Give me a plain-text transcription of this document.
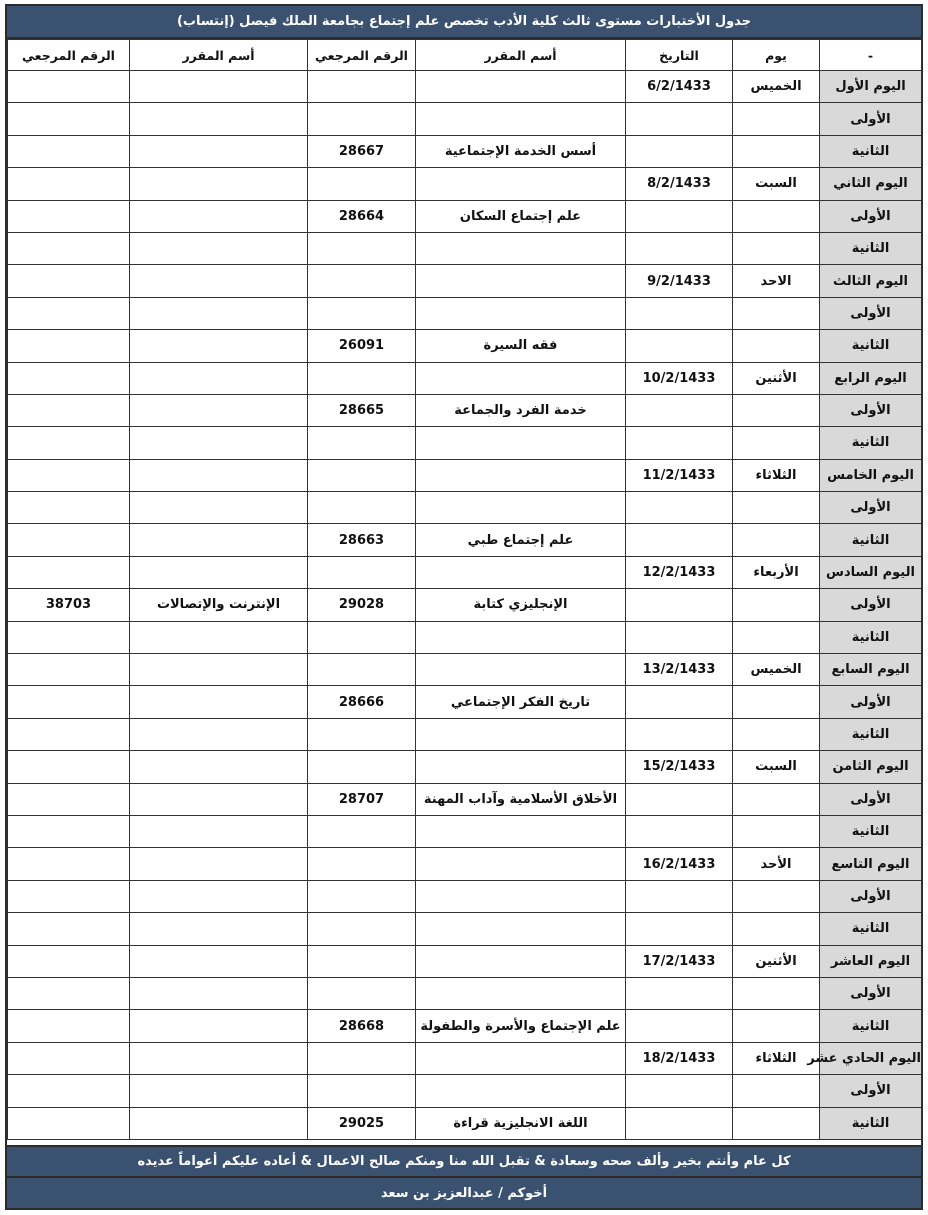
جدول الأختبارات مستوى ثالث كلية الأدب تخصص علم إجتماع بجامعة الملك فيصل (إنتساب)
-	يوم	التاريخ	أسم المقرر	الرقم المرجعي	أسم المقرر	الرقم المرجعي
اليوم الأول	الخميس	6/2/1433				
الأولى						
الثانية			أسس الخدمة الإجتماعية	28667		
اليوم الثاني	السبت	8/2/1433				
الأولى			علم إجتماع السكان	28664		
الثانية						
اليوم الثالث	الاحد	9/2/1433				
الأولى						
الثانية			فقه السيرة	26091		
اليوم الرابع	الأثنين	10/2/1433				
الأولى			خدمة الفرد والجماعة	28665		
الثانية						
اليوم الخامس	الثلاثاء	11/2/1433				
الأولى						
الثانية			علم إجتماع طبي	28663		
اليوم السادس	الأربعاء	12/2/1433				
الأولى			الإنجليزي كتابة	29028	الإنترنت والإتصالات	38703
الثانية						
اليوم السابع	الخميس	13/2/1433				
الأولى			تاريخ الفكر الإجتماعي	28666		
الثانية						
اليوم الثامن	السبت	15/2/1433				
الأولى			الأخلاق الأسلامية وآداب المهنة	28707		
الثانية						
اليوم التاسع	الأحد	16/2/1433				
الأولى						
الثانية						
اليوم العاشر	الأثنين	17/2/1433				
الأولى						
الثانية			علم الإجتماع والأسرة والطفولة	28668		
اليوم الحادي عشر	الثلاثاء	18/2/1433				
الأولى						
الثانية			اللغة الانجليزية قراءة	29025		
كل عام وأنتم بخير وألف صحه وسعادة & تقبل الله منا ومنكم صالح الاعمال & أعاده عليكم أعواماً عديده
أخوكم / عبدالعزيز بن سعد
